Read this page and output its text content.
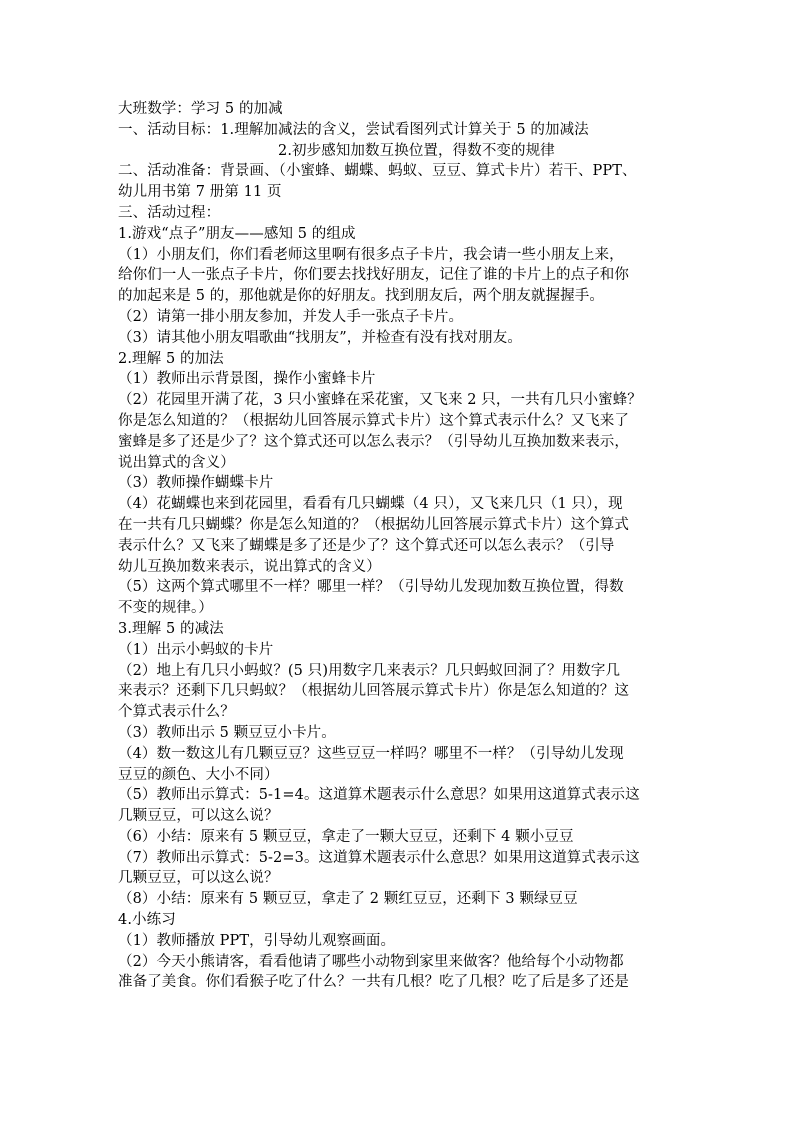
大班数学：学习 5 的加减
一、活动目标：1.理解加减法的含义，尝试看图列式计算关于 5 的加减法
2.初步感知加数互换位置，得数不变的规律
二、活动准备：背景画、（小蜜蜂、蝴蝶、蚂蚁、豆豆、算式卡片）若干、PPT、
幼儿用书第 7 册第 11 页
三、活动过程：
1.游戏“点子”朋友——感知 5 的组成
（1）小朋友们，你们看老师这里啊有很多点子卡片，我会请一些小朋友上来，
给你们一人一张点子卡片，你们要去找找好朋友，记住了谁的卡片上的点子和你
的加起来是 5 的，那他就是你的好朋友。找到朋友后，两个朋友就握握手。
（2）请第一排小朋友参加，并发人手一张点子卡片。
（3）请其他小朋友唱歌曲“找朋友”，并检查有没有找对朋友。
2.理解 5 的加法
（1）教师出示背景图，操作小蜜蜂卡片
（2）花园里开满了花，3 只小蜜蜂在采花蜜，又飞来 2 只，一共有几只小蜜蜂？
你是怎么知道的？（根据幼儿回答展示算式卡片）这个算式表示什么？又飞来了
蜜蜂是多了还是少了？这个算式还可以怎么表示？（引导幼儿互换加数来表示，
说出算式的含义）
（3）教师操作蝴蝶卡片
（4）花蝴蝶也来到花园里，看看有几只蝴蝶（4 只），又飞来几只（1 只），现
在一共有几只蝴蝶？你是怎么知道的？（根据幼儿回答展示算式卡片）这个算式
表示什么？又飞来了蝴蝶是多了还是少了？这个算式还可以怎么表示？（引导
幼儿互换加数来表示，说出算式的含义）
（5）这两个算式哪里不一样？哪里一样？（引导幼儿发现加数互换位置，得数
不变的规律。）
3.理解 5 的减法
（1）出示小蚂蚁的卡片
（2）地上有几只小蚂蚁？(5 只)用数字几来表示？几只蚂蚁回洞了？用数字几
来表示？还剩下几只蚂蚁？（根据幼儿回答展示算式卡片）你是怎么知道的？这
个算式表示什么？
（3）教师出示 5 颗豆豆小卡片。
（4）数一数这儿有几颗豆豆？这些豆豆一样吗？哪里不一样？（引导幼儿发现
豆豆的颜色、大小不同）
（5）教师出示算式：5-1=4。这道算术题表示什么意思？如果用这道算式表示这
几颗豆豆，可以这么说？
（6）小结：原来有 5 颗豆豆，拿走了一颗大豆豆，还剩下 4 颗小豆豆
（7）教师出示算式：5-2=3。这道算术题表示什么意思？如果用这道算式表示这
几颗豆豆，可以这么说？
（8）小结：原来有 5 颗豆豆，拿走了 2 颗红豆豆，还剩下 3 颗绿豆豆
4.小练习
（1）教师播放 PPT，引导幼儿观察画面。
（2）今天小熊请客，看看他请了哪些小动物到家里来做客？他给每个小动物都
准备了美食。你们看猴子吃了什么？一共有几根？吃了几根？吃了后是多了还是
